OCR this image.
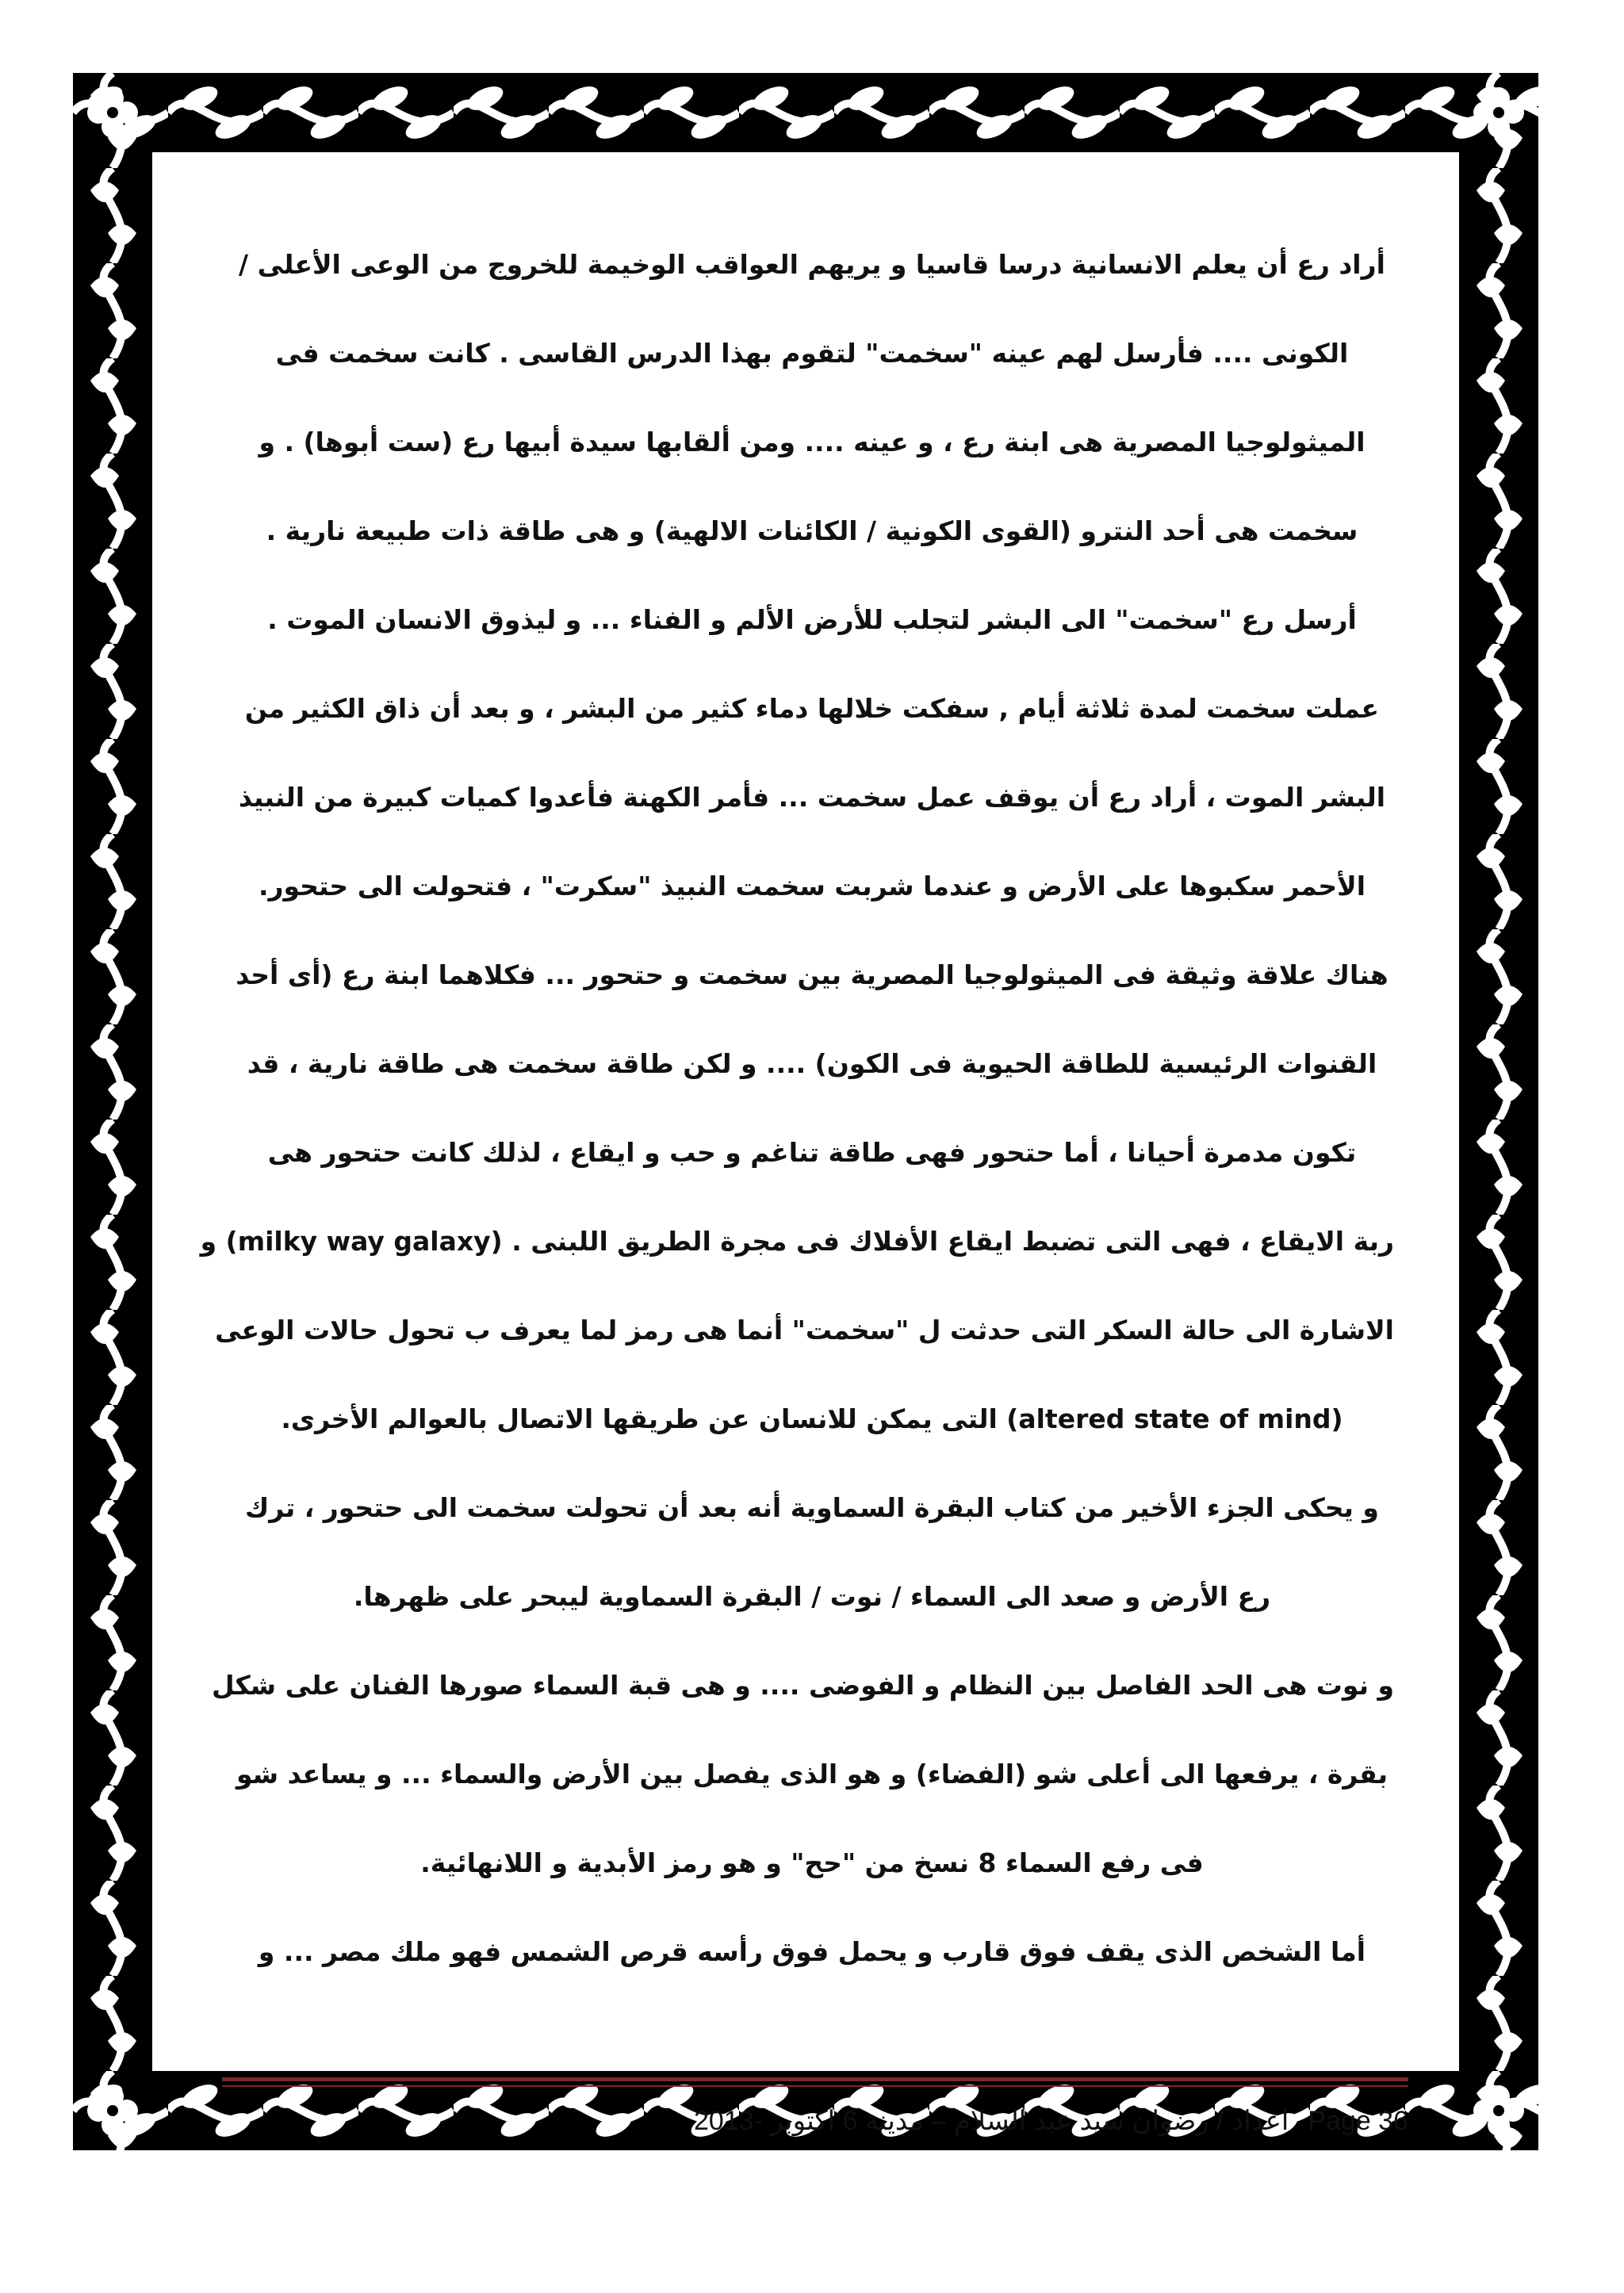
أراد رع أن يعلم الانسانية درسا قاسيا و يريهم العواقب الوخيمة للخروج من الوعى الأعلى /
الكونى .... فأرسل لهم عينه "سخمت" لتقوم بهذا الدرس القاسى . كانت سخمت فى
الميثولوجيا المصرية هى ابنة رع ، و عينه .... ومن ألقابها سيدة أبيها رع (ست أبوها) . و
سخمت هى أحد النترو (القوى الكونية / الكائنات الالهية) و هى طاقة ذات طبيعة نارية .
أرسل رع "سخمت" الى البشر لتجلب للأرض الألم و الفناء ... و ليذوق الانسان الموت .
عملت سخمت لمدة ثلاثة أيام , سفكت خلالها دماء كثير من البشر ، و بعد أن ذاق الكثير من
البشر الموت ، أراد رع أن يوقف عمل سخمت ... فأمر الكهنة فأعدوا كميات كبيرة من النبيذ
الأحمر سكبوها على الأرض و عندما شربت سخمت النبيذ "سكرت" ، فتحولت الى حتحور.
هناك علاقة وثيقة فى الميثولوجيا المصرية بين سخمت و حتحور ... فكلاهما ابنة رع (أى أحد
القنوات الرئيسية للطاقة الحيوية فى الكون) .... و لكن طاقة سخمت هى طاقة نارية ، قد
تكون مدمرة أحيانا ، أما حتحور فهى طاقة تناغم و حب و ايقاع ، لذلك كانت حتحور هى
ربة الايقاع ، فهى التى تضبط ايقاع الأفلاك فى مجرة الطريق اللبنى . (milky way galaxy) و
الاشارة الى حالة السكر التى حدثت ل "سخمت" أنما هى رمز لما يعرف ب تحول حالات الوعى
(altered state of mind) التى يمكن للانسان عن طريقها الاتصال بالعوالم الأخرى.
و يحكى الجزء الأخير من كتاب البقرة السماوية أنه بعد أن تحولت سخمت الى حتحور ، ترك
رع الأرض و صعد الى السماء / نوت / البقرة السماوية ليبحر على ظهرها.
و نوت هى الحد الفاصل بين النظام و الفوضى .... و هى قبة السماء صورها الفنان على شكل
بقرة ، يرفعها الى أعلى شو (الفضاء) و هو الذى يفصل بين الأرض والسماء ... و يساعد شو
فى رفع السماء 8 نسخ من "حح" و هو رمز الأبدية و اللانهائية.
أما الشخص الذى يقف فوق قارب و يحمل فوق رأسه قرص الشمس فهو ملك مصر ... و
اعداد / رضوان سيد عبد السلام – مدينة 6 اكتوبر -2013 Page 36
